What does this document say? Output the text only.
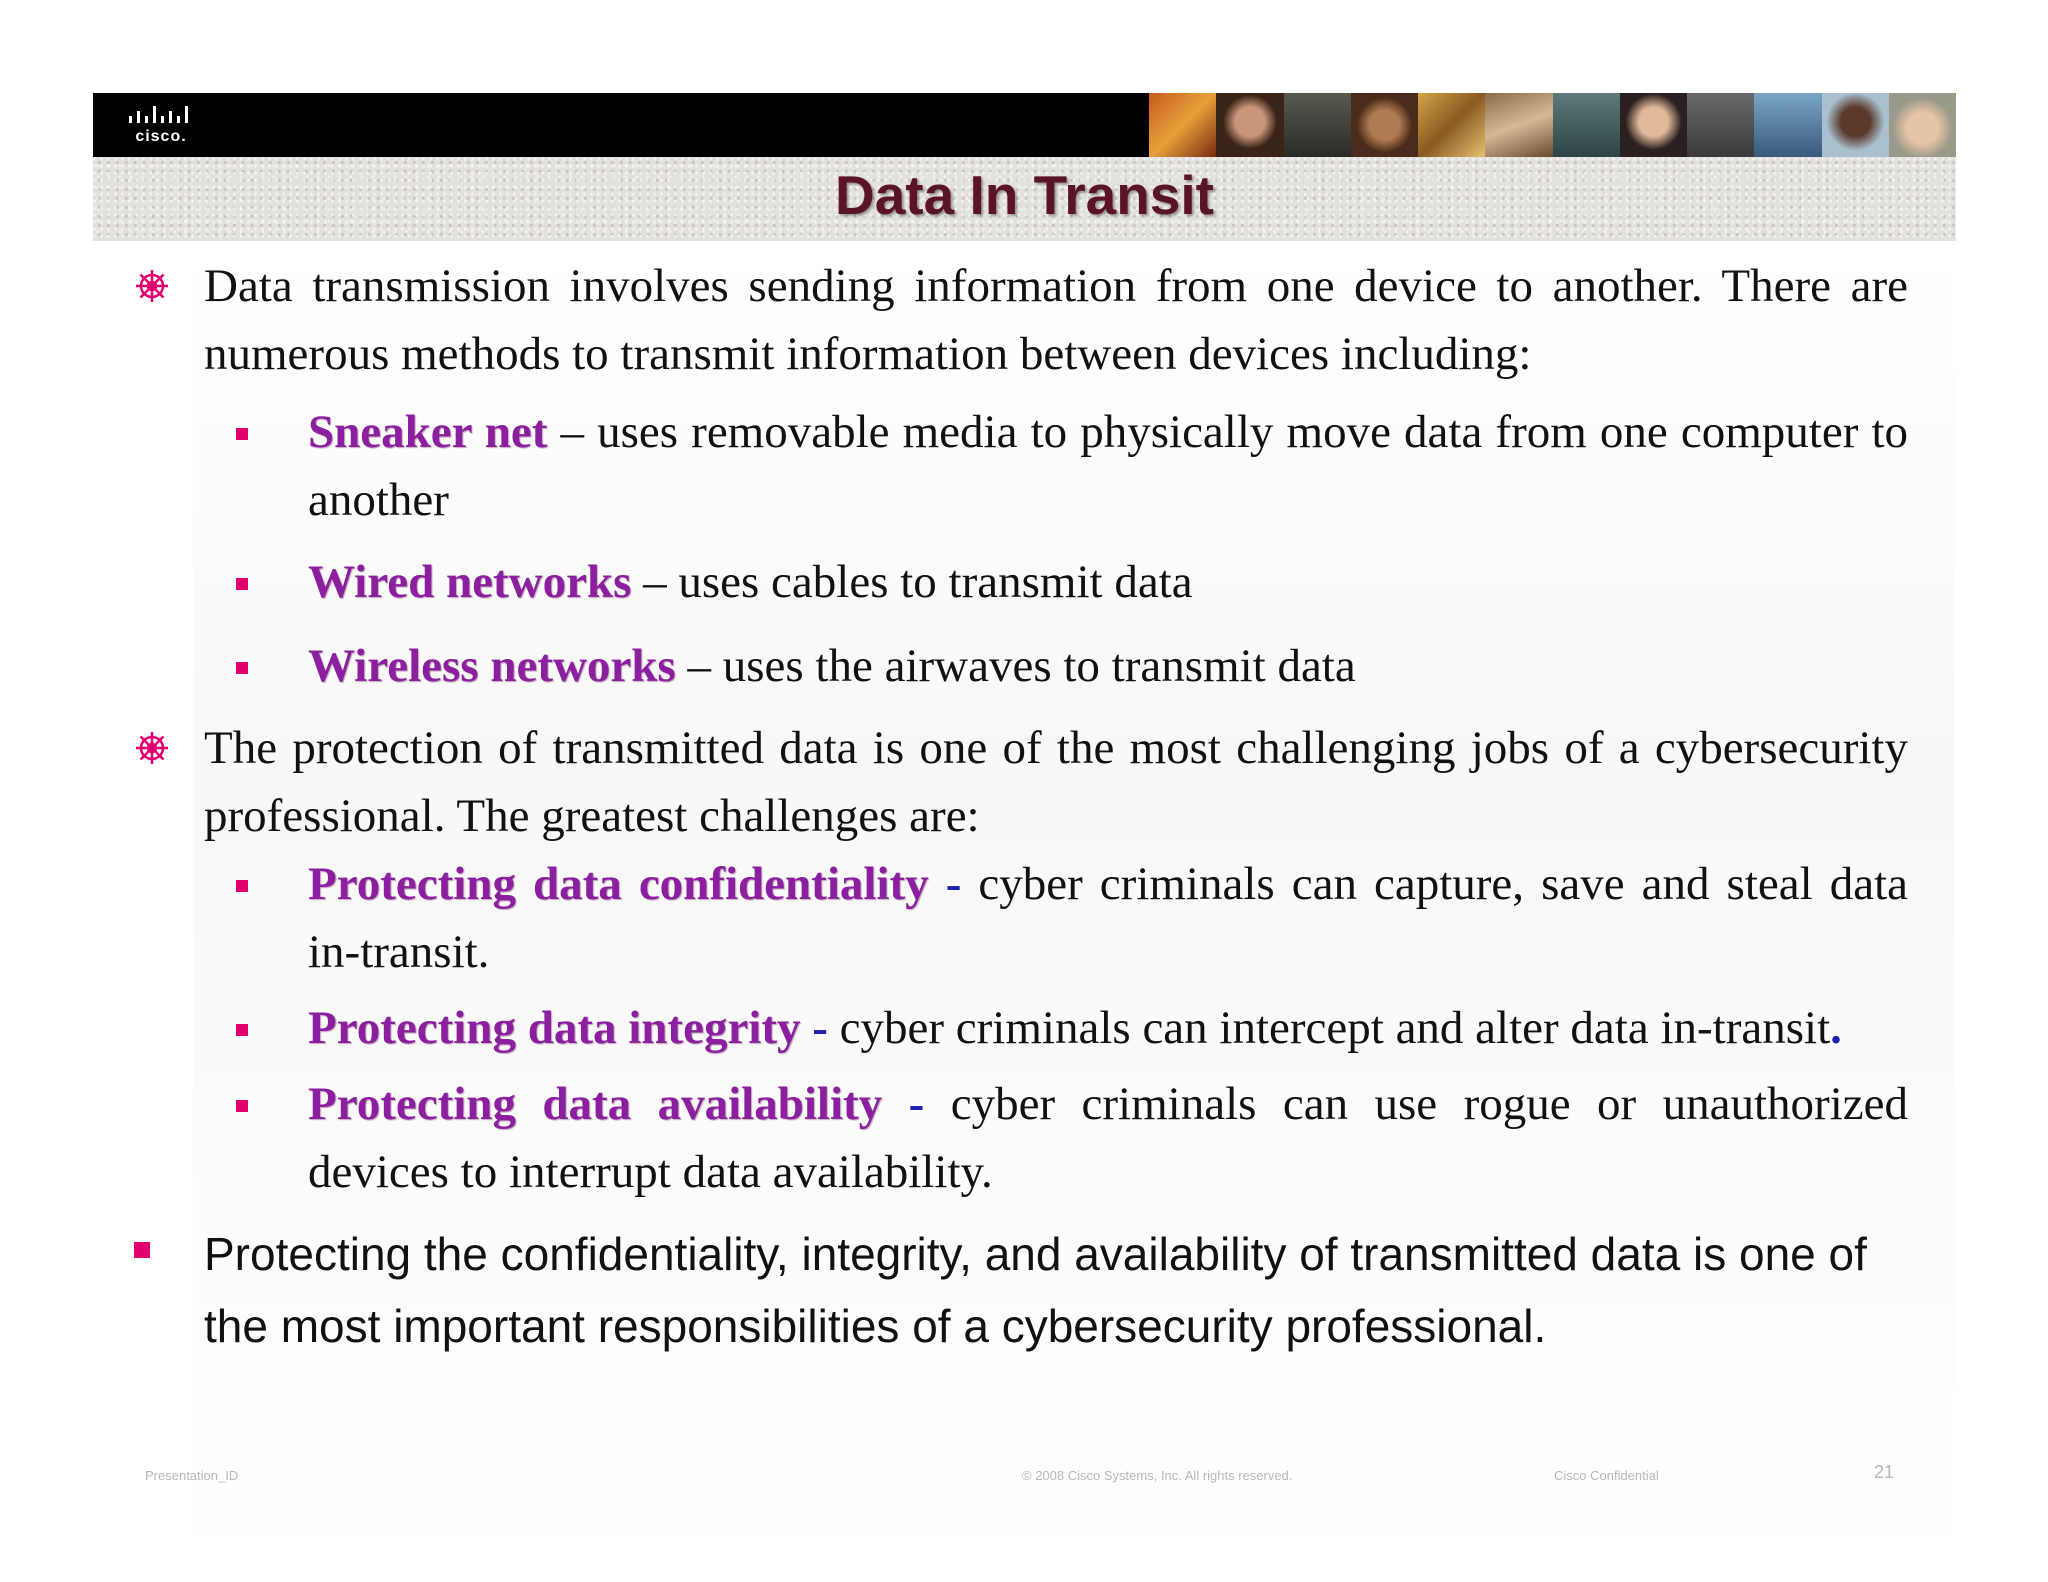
cisco.
Data In Transit
Data transmission involves sending information from one device to another. There are numerous methods to transmit information between devices including:
Sneaker net – uses removable media to physically move data from one computer to another
Wired networks – uses cables to transmit data
Wireless networks – uses the airwaves to transmit data
The protection of transmitted data is one of the most challenging jobs of a cybersecurity professional. The greatest challenges are:
Protecting data confidentiality - cyber criminals can capture, save and steal data in-transit.
Protecting data integrity - cyber criminals can intercept and alter data in-transit.
Protecting data availability - cyber criminals can use rogue or unauthorized devices to interrupt data availability.
Protecting the confidentiality, integrity, and availability of transmitted data is one of the most important responsibilities of a cybersecurity professional.
Presentation_ID	© 2008 Cisco Systems, Inc. All rights reserved.	Cisco Confidential	21
